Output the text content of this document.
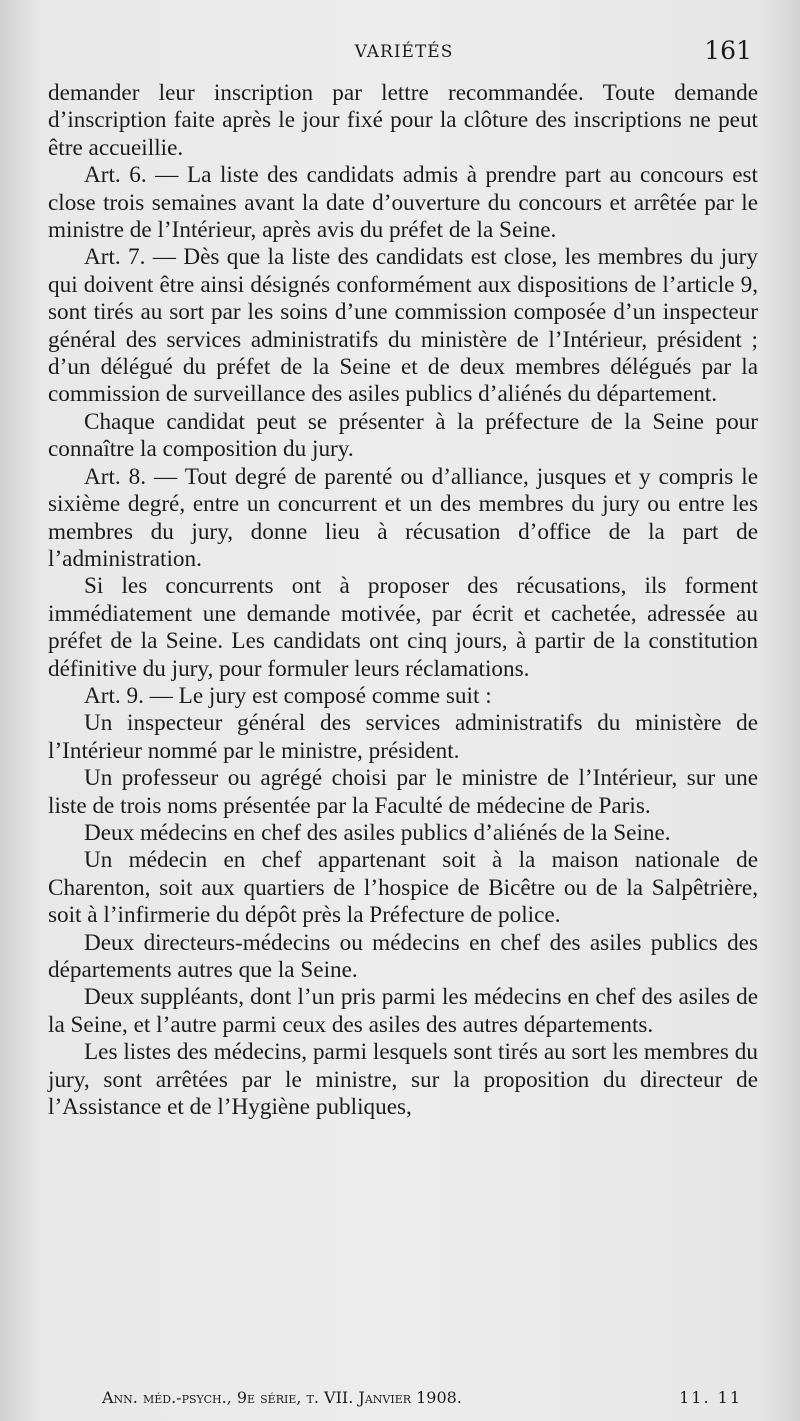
VARIÉTÉS	161

demander leur inscription par lettre recommandée. Toute demande d’inscription faite après le jour fixé pour la clôture des inscriptions ne peut être accueillie.

Art. 6. — La liste des candidats admis à prendre part au concours est close trois semaines avant la date d’ouverture du concours et arrêtée par le ministre de l’Intérieur, après avis du préfet de la Seine.

Art. 7. — Dès que la liste des candidats est close, les membres du jury qui doivent être ainsi désignés conformément aux dispositions de l’article 9, sont tirés au sort par les soins d’une commission composée d’un inspecteur général des services administratifs du ministère de l’Intérieur, président ; d’un délégué du préfet de la Seine et de deux membres délégués par la commission de surveillance des asiles publics d’aliénés du département.

Chaque candidat peut se présenter à la préfecture de la Seine pour connaître la composition du jury.

Art. 8. — Tout degré de parenté ou d’alliance, jusques et y compris le sixième degré, entre un concurrent et un des membres du jury ou entre les membres du jury, donne lieu à récusation d’office de la part de l’administration.

Si les concurrents ont à proposer des récusations, ils forment immédiatement une demande motivée, par écrit et cachetée, adressée au préfet de la Seine. Les candidats ont cinq jours, à partir de la constitution définitive du jury, pour formuler leurs réclamations.

Art. 9. — Le jury est composé comme suit :

Un inspecteur général des services administratifs du ministère de l’Intérieur nommé par le ministre, président.

Un professeur ou agrégé choisi par le ministre de l’Intérieur, sur une liste de trois noms présentée par la Faculté de médecine de Paris.

Deux médecins en chef des asiles publics d’aliénés de la Seine.

Un médecin en chef appartenant soit à la maison nationale de Charenton, soit aux quartiers de l’hospice de Bicêtre ou de la Salpêtrière, soit à l’infirmerie du dépôt près la Préfecture de police.

Deux directeurs-médecins ou médecins en chef des asiles publics des départements autres que la Seine.

Deux suppléants, dont l’un pris parmi les médecins en chef des asiles de la Seine, et l’autre parmi ceux des asiles des autres départements.

Les listes des médecins, parmi lesquels sont tirés au sort les membres du jury, sont arrêtées par le ministre, sur la proposition du directeur de l’Assistance et de l’Hygiène publiques,

Ann. méd.-psych., 9e série, t. VII. Janvier 1908.	11. 11
